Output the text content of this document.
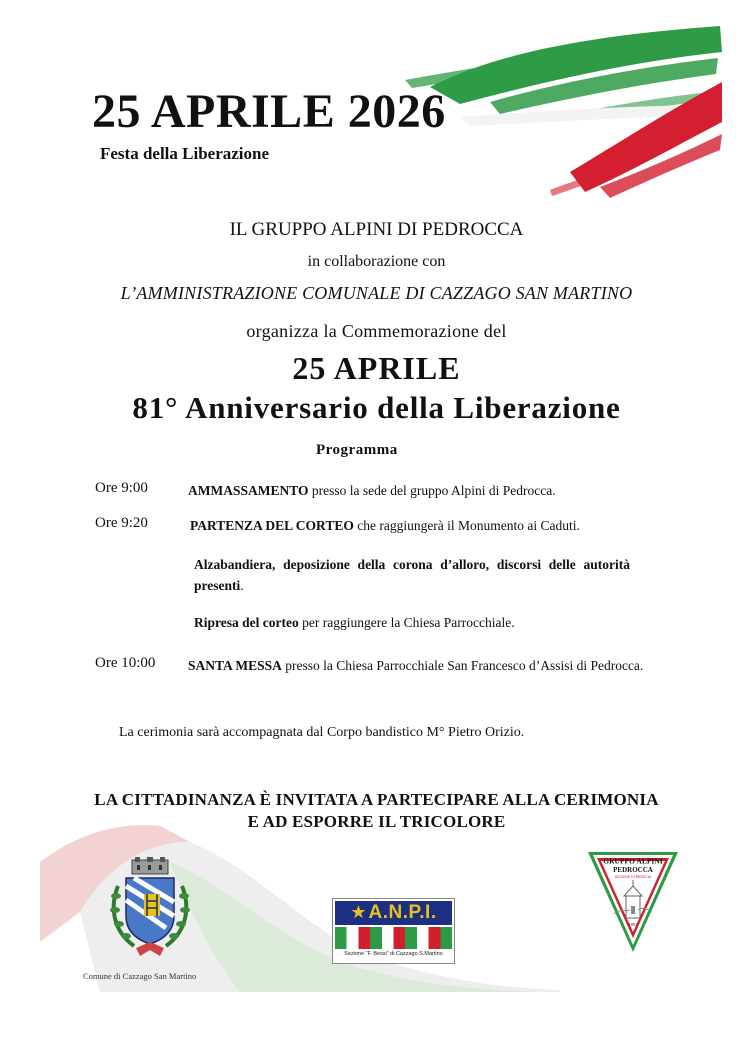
25 APRILE 2026
Festa della Liberazione
IL GRUPPO ALPINI DI PEDROCCA
in collaborazione con
L’AMMINISTRAZIONE COMUNALE DI CAZZAGO SAN MARTINO
organizza la Commemorazione del
25 APRILE
81° Anniversario della Liberazione
Programma
Ore 9:00	AMMASSAMENTO presso la sede del gruppo Alpini di Pedrocca.
Ore 9:20	PARTENZA DEL CORTEO che raggiungerà il Monumento ai Caduti.
Alzabandiera, deposizione della corona d’alloro, discorsi delle autorità presenti.
Ripresa del corteo per raggiungere la Chiesa Parrocchiale.
Ore 10:00 SANTA MESSA presso la Chiesa Parrocchiale San Francesco d’Assisi di Pedrocca.
La cerimonia sarà accompagnata dal Corpo bandistico M° Pietro Orizio.
LA CITTADINANZA È INVITATA A PARTECIPARE ALLA CERIMONIA
E AD ESPORRE IL TRICOLORE
Comune di Cazzago San Martino
★ A.N.P.I.
Sezione “F. Bessi” di Cazzago S.Martino
GRUPPO ALPINI
PEDROCCA
SEZIONE DI BRESCIA
1957
